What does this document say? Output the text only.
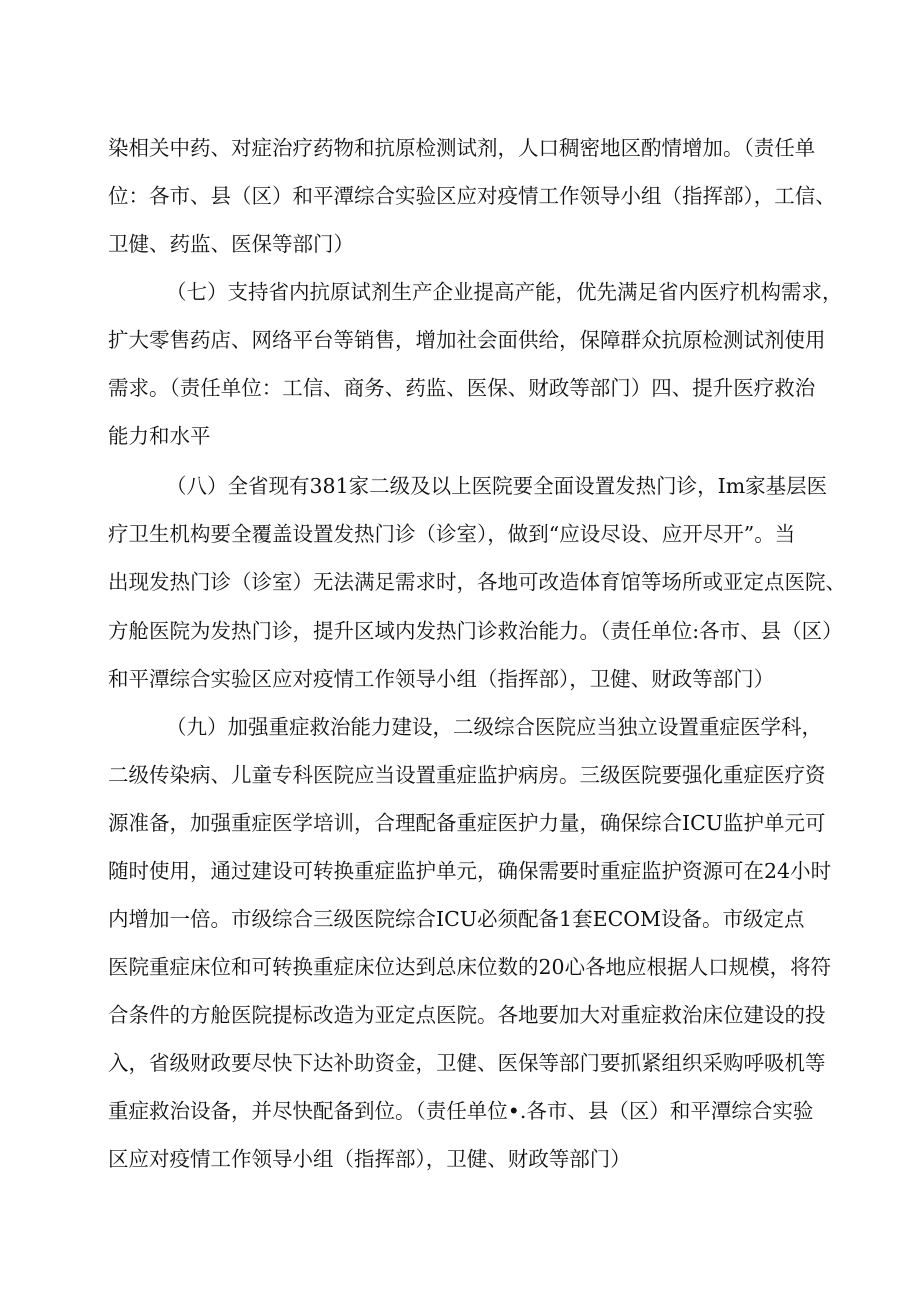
染相关中药、对症治疗药物和抗原检测试剂，人口稠密地区酌情增加。（责任单
位：各市、县（区）和平潭综合实验区应对疫情工作领导小组（指挥部），工信、
卫健、药监、医保等部门）
（七）支持省内抗原试剂生产企业提高产能，优先满足省内医疗机构需求，
扩大零售药店、网络平台等销售，增加社会面供给，保障群众抗原检测试剂使用
需求。（责任单位：工信、商务、药监、医保、财政等部门）四、提升医疗救治
能力和水平
（八）全省现有381家二级及以上医院要全面设置发热门诊，Im家基层医
疗卫生机构要全覆盖设置发热门诊（诊室），做到“应设尽设、应开尽开”。当
出现发热门诊（诊室）无法满足需求时，各地可改造体育馆等场所或亚定点医院、
方舱医院为发热门诊，提升区域内发热门诊救治能力。（责任单位:各市、县（区）
和平潭综合实验区应对疫情工作领导小组（指挥部），卫健、财政等部门）
（九）加强重症救治能力建设，二级综合医院应当独立设置重症医学科，
二级传染病、儿童专科医院应当设置重症监护病房。三级医院要强化重症医疗资
源准备，加强重症医学培训，合理配备重症医护力量，确保综合ICU监护单元可
随时使用，通过建设可转换重症监护单元，确保需要时重症监护资源可在24小时
内增加一倍。市级综合三级医院综合ICU必须配备1套ECOM设备。市级定点
医院重症床位和可转换重症床位达到总床位数的20心各地应根据人口规模，将符
合条件的方舱医院提标改造为亚定点医院。各地要加大对重症救治床位建设的投
入，省级财政要尽快下达补助资金，卫健、医保等部门要抓紧组织采购呼吸机等
重症救治设备，并尽快配备到位。（责任单位•.各市、县（区）和平潭综合实验
区应对疫情工作领导小组（指挥部），卫健、财政等部门）
